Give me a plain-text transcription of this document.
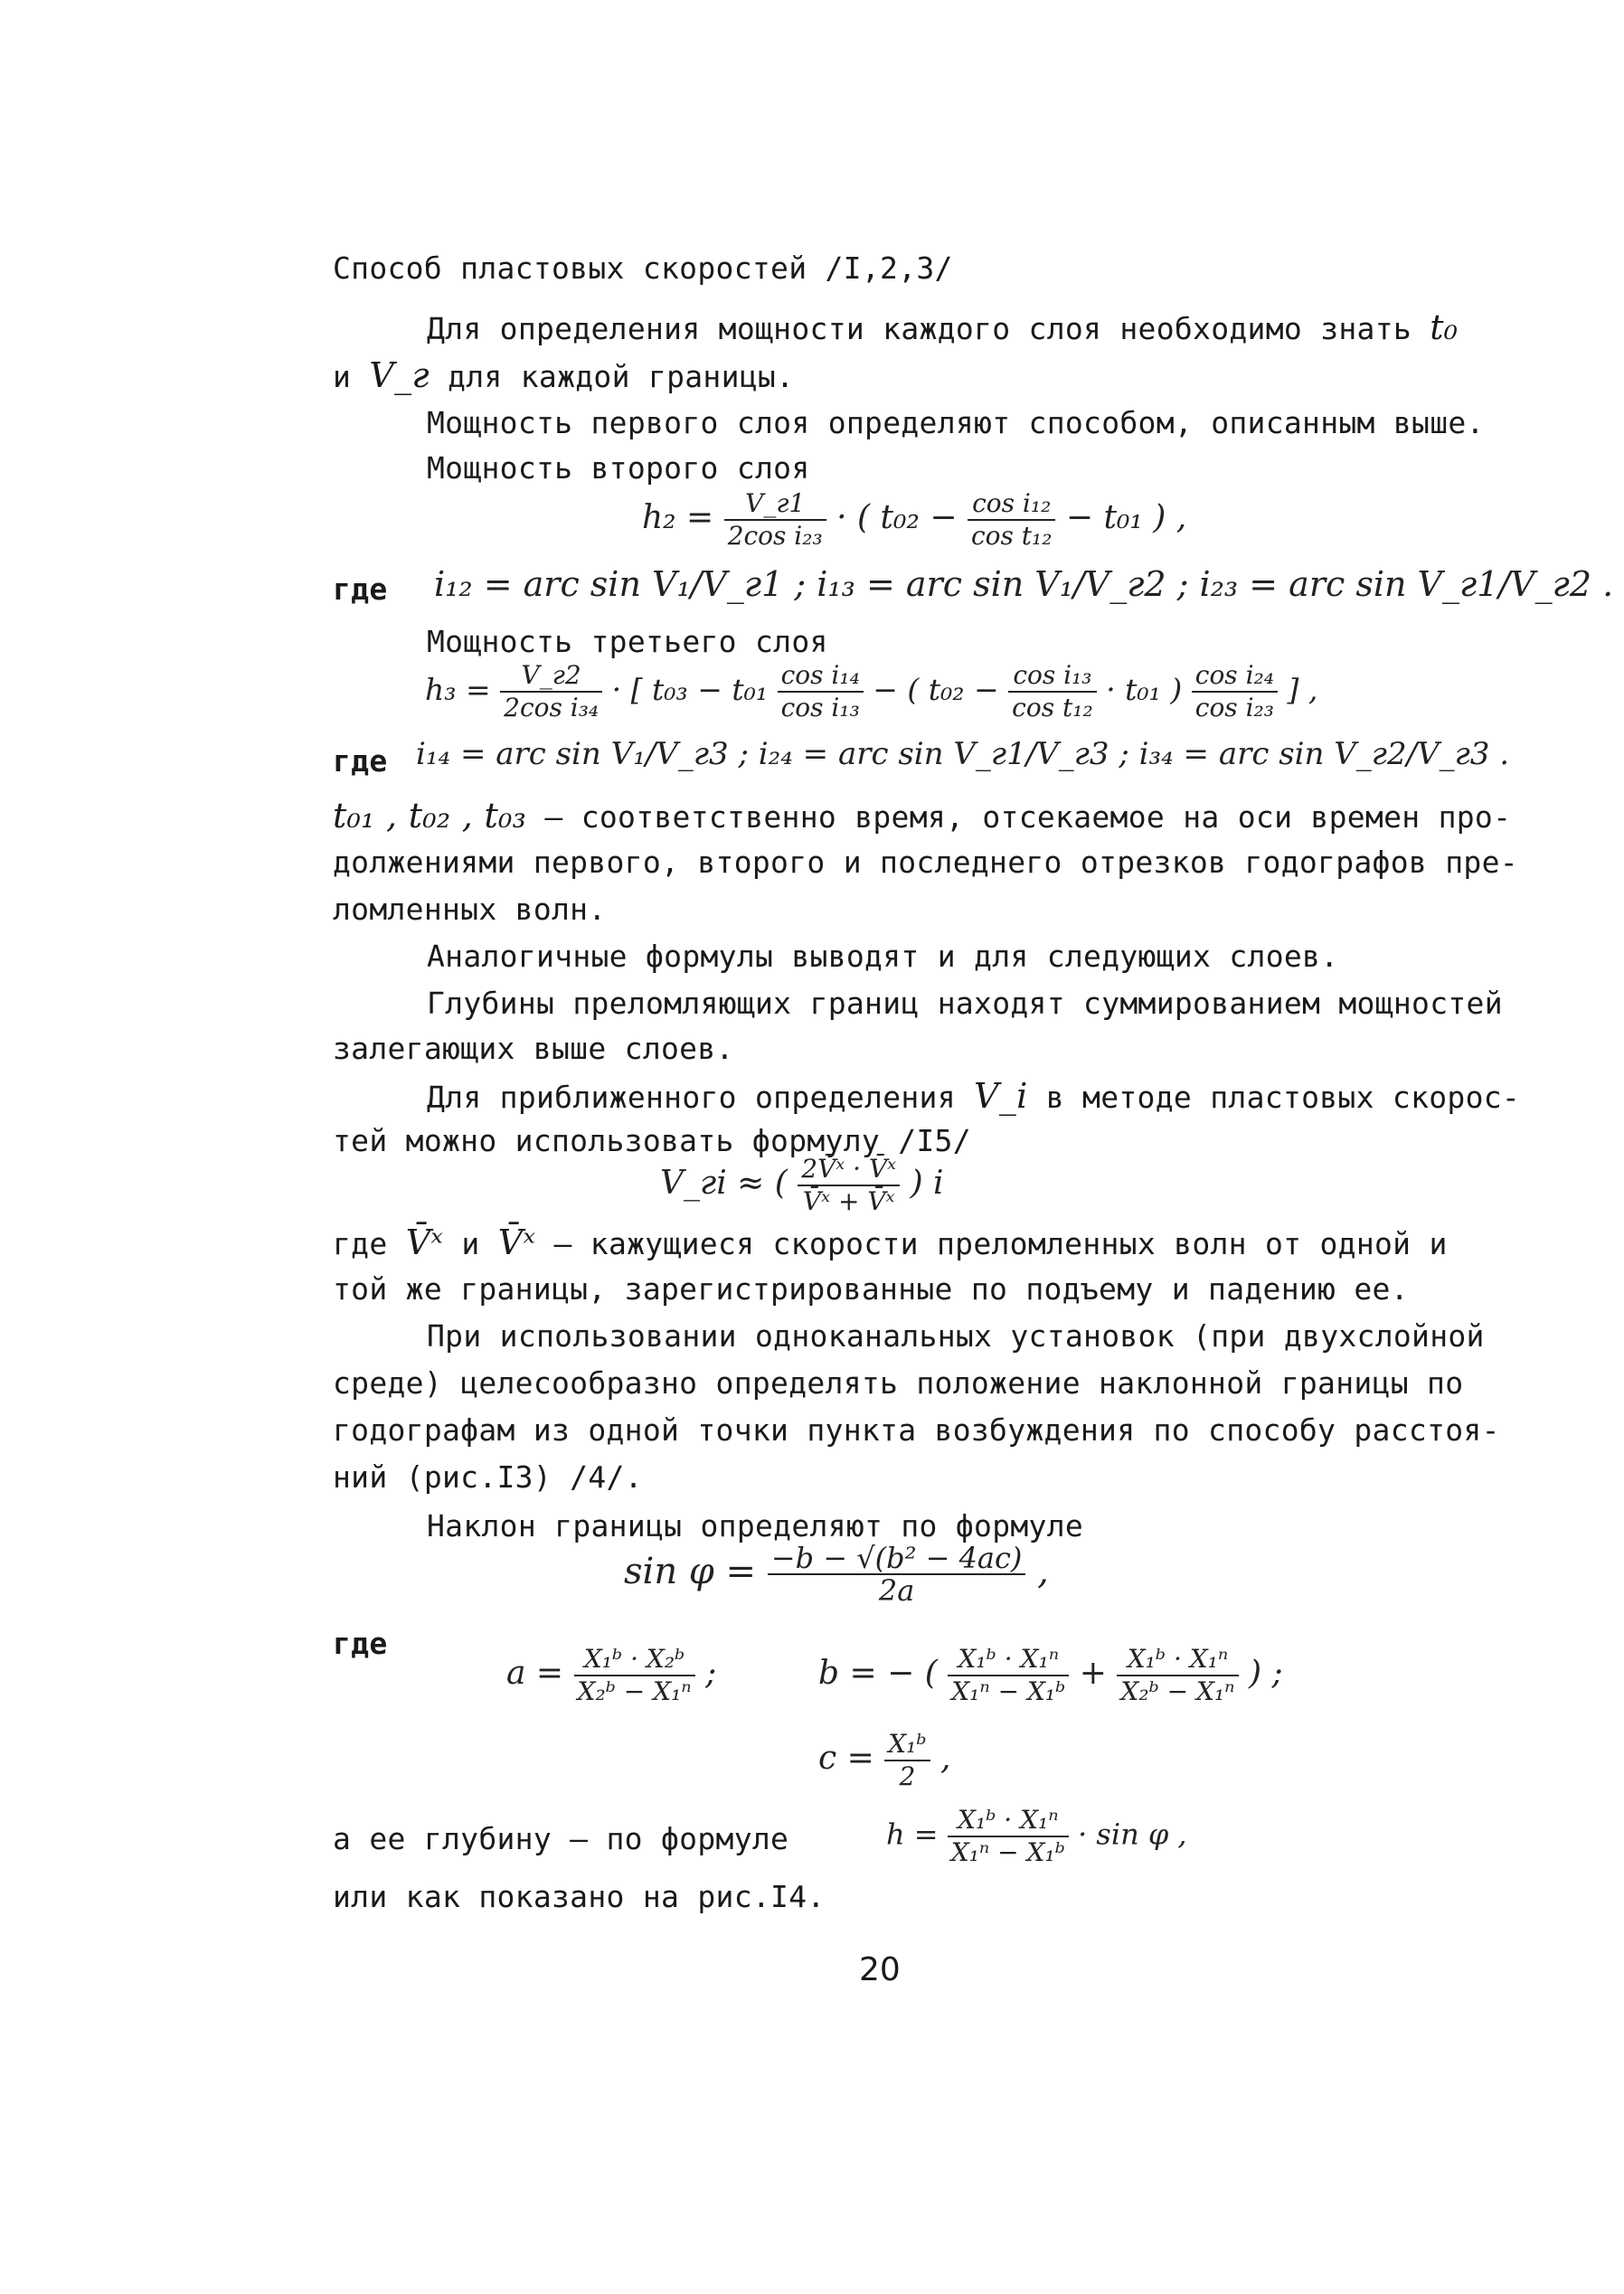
Способ пластовых скоростей /I,2,3/
Для определения мощности каждого слоя необходимо знать t₀
и V_г для каждой границы.
Мощность первого слоя определяют способом, описанным выше.
Мощность второго слоя
$h_2 = \frac{V\_г1}{\text{2cos i₂₃}}$ · ( $t_{02} - \frac{\text{cos i₁₂}}{\text{cos t₁₂}} - t_{01}$ ) ,
где i₁₂ = arc sin V₁/V_г1 ; i₁₃ = arc sin V₁/V_г2 ; i₂₃ = arc sin V_г1/V_г2 .
Мощность третьего слоя
$h_3 = \frac{V\_г2}{\text{2cos i₃₄}}$ · [ $t_{03} - t_{01} \frac{\text{cos i₁₄}}{\text{cos i₁₃}}$ − ( $t_{02} - \frac{\text{cos i₁₃}}{\text{cos t₁₂}} \cdot t_{01}$ ) $\frac{\text{cos i₂₄}}{\text{cos i₂₃}}$ ] ,
где i₁₄ = arc sin V₁/V_г3 ; i₂₄ = arc sin V_г1/V_г3 ; i₃₄ = arc sin V_г2/V_г3 .
t₀₁ , t₀₂ , t₀₃ — соответственно время, отсекаемое на оси времен про-
должениями первого, второго и последнего отрезков годографов пре-
ломленных волн.
Аналогичные формулы выводят и для следующих слоев.
Глубины преломляющих границ находят суммированием мощностей
залегающих выше слоев.
Для приближенного определения V_i в методе пластовых скорос-
тей можно использовать формулу /I5/
V_гi ≈ ( $\frac{\text{2V̄ˣ · V̄ˣ}}{\text{V̄ˣ + V̄ˣ}}$ ) i
где V̄ˣ и V̄ˣ — кажущиеся скорости преломленных волн от одной и
той же границы, зарегистрированные по подъему и падению ее.
При использовании одноканальных установок (при двухслойной
среде) целесообразно определять положение наклонной границы по
годографам из одной точки пункта возбуждения по способу расстоя-
ний (рис.I3) /4/.
Наклон границы определяют по формуле
$\sin \varphi = \frac{\text{−b − √(b² − 4ac)}}{2a}$ ,
где
$a = \frac{\text{X₁ᵇ · X₂ᵇ}}{\text{X₂ᵇ − X₁ⁿ}}$ ;	b = − ( $\frac{\text{X₁ᵇ · X₁ⁿ}}{\text{X₁ⁿ − X₁ᵇ}} + \frac{\text{X₁ᵇ · X₁ⁿ}}{\text{X₂ᵇ − X₁ⁿ}}$ ) ;
$c = \frac{\text{X₁ᵇ}}{2}$ ,
а ее глубину — по формуле	$h = \frac{\text{X₁ᵇ · X₁ⁿ}}{\text{X₁ⁿ − X₁ᵇ}} \cdot \sin \varphi$ ,
или как показано на рис.I4.
20
